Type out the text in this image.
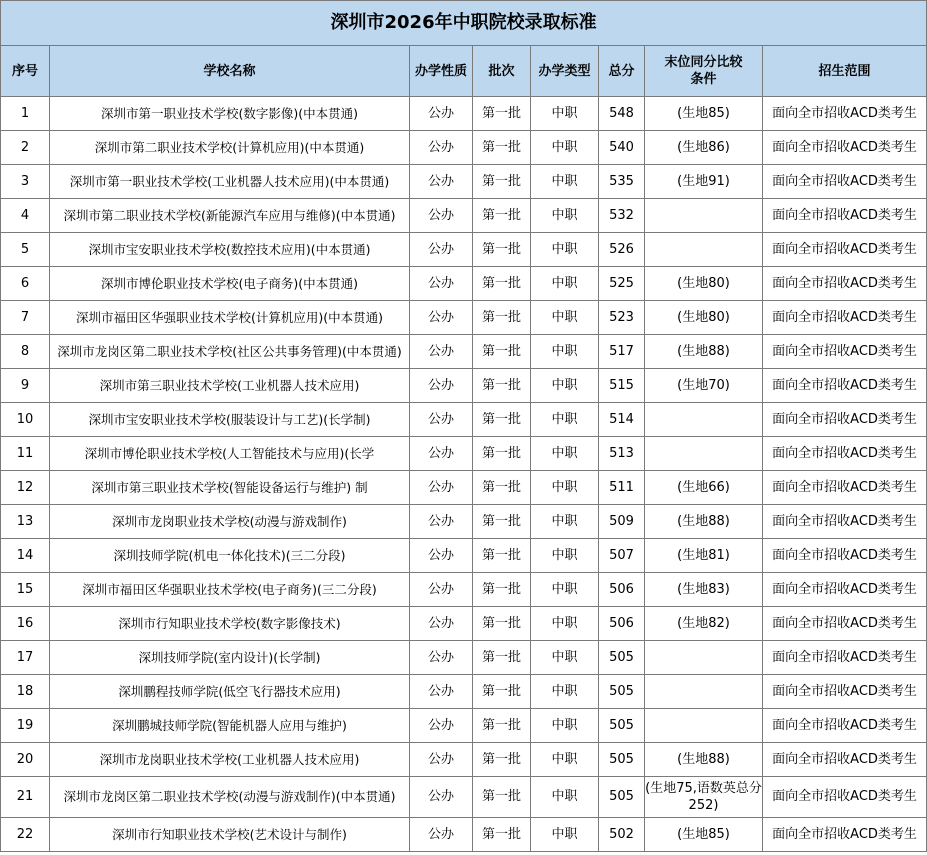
深圳市2026年中职院校录取标准							
序号	学校名称	办学性质	批次	办学类型	总分	末位同分比较条件	招生范围
1	深圳市第一职业技术学校(数字影像)(中本贯通)	公办	第一批	中职	548	(生地85)	面向全市招收ACD类考生
2	深圳市第二职业技术学校(计算机应用)(中本贯通)	公办	第一批	中职	540	(生地86)	面向全市招收ACD类考生
3	深圳市第一职业技术学校(工业机器人技术应用)(中本贯通)	公办	第一批	中职	535	(生地91)	面向全市招收ACD类考生
4	深圳市第二职业技术学校(新能源汽车应用与维修)(中本贯通)	公办	第一批	中职	532		面向全市招收ACD类考生
5	深圳市宝安职业技术学校(数控技术应用)(中本贯通)	公办	第一批	中职	526		面向全市招收ACD类考生
6	深圳市博伦职业技术学校(电子商务)(中本贯通)	公办	第一批	中职	525	(生地80)	面向全市招收ACD类考生
7	深圳市福田区华强职业技术学校(计算机应用)(中本贯通)	公办	第一批	中职	523	(生地80)	面向全市招收ACD类考生
8	深圳市龙岗区第二职业技术学校(社区公共事务管理)(中本贯通)	公办	第一批	中职	517	(生地88)	面向全市招收ACD类考生
9	深圳市第三职业技术学校(工业机器人技术应用)	公办	第一批	中职	515	(生地70)	面向全市招收ACD类考生
10	深圳市宝安职业技术学校(服装设计与工艺)(长学制)	公办	第一批	中职	514		面向全市招收ACD类考生
11	深圳市博伦职业技术学校(人工智能技术与应用)(长学	公办	第一批	中职	513		面向全市招收ACD类考生
12	深圳市第三职业技术学校(智能设备运行与维护) 制	公办	第一批	中职	511	(生地66)	面向全市招收ACD类考生
13	深圳市龙岗职业技术学校(动漫与游戏制作)	公办	第一批	中职	509	(生地88)	面向全市招收ACD类考生
14	深圳技师学院(机电一体化技术)(三二分段)	公办	第一批	中职	507	(生地81)	面向全市招收ACD类考生
15	深圳市福田区华强职业技术学校(电子商务)(三二分段)	公办	第一批	中职	506	(生地83)	面向全市招收ACD类考生
16	深圳市行知职业技术学校(数字影像技术)	公办	第一批	中职	506	(生地82)	面向全市招收ACD类考生
17	深圳技师学院(室内设计)(长学制)	公办	第一批	中职	505		面向全市招收ACD类考生
18	深圳鹏程技师学院(低空飞行器技术应用)	公办	第一批	中职	505		面向全市招收ACD类考生
19	深圳鹏城技师学院(智能机器人应用与维护)	公办	第一批	中职	505		面向全市招收ACD类考生
20	深圳市龙岗职业技术学校(工业机器人技术应用)	公办	第一批	中职	505	(生地88)	面向全市招收ACD类考生
21	深圳市龙岗区第二职业技术学校(动漫与游戏制作)(中本贯通)	公办	第一批	中职	505	(生地75,语数英总分252)	面向全市招收ACD类考生
22	深圳市行知职业技术学校(艺术设计与制作)	公办	第一批	中职	502	(生地85)	面向全市招收ACD类考生
